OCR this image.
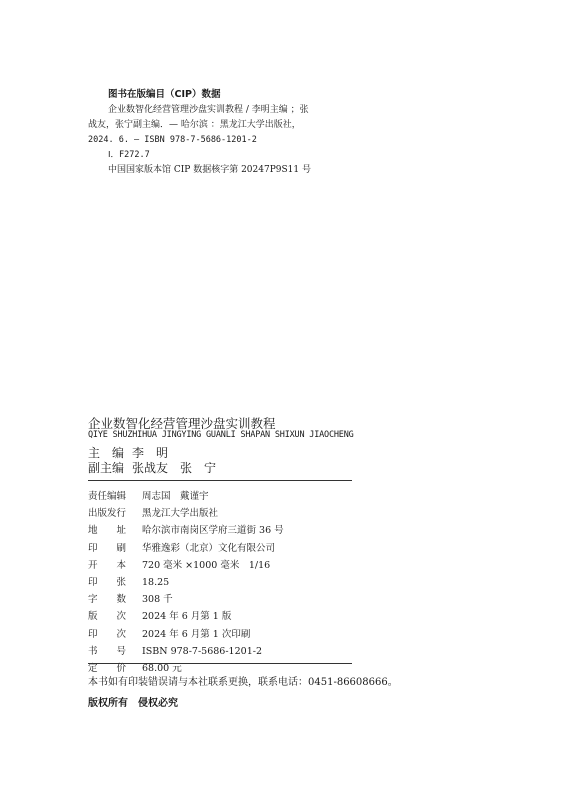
图书在版编目（CIP）数据
企业数智化经营管理沙盘实训教程 / 李明主编 ；张
战友，张宁副主编．— 哈尔滨 ：黑龙江大学出版社，
2024. 6. — ISBN 978-7-5686-1201-2
Ⅰ．F272.7
中国国家版本馆 CIP 数据核字第 20247P9S11 号
企业数智化经营管理沙盘实训教程
QIYE SHUZHIHUA JINGYING GUANLI SHAPAN SHIXUN JIAOCHENG
主　编 李　明
副主编 张战友　张　宁
责任编辑	周志国　戴谨宇
出版发行	黑龙江大学出版社
地　　址	哈尔滨市南岗区学府三道街 36 号
印　　刷	华雅逸彩（北京）文化有限公司
开　　本	720 毫米 ×1000 毫米　1/16
印　　张	18.25
字　　数	308 千
版　　次	2024 年 6 月第 1 版
印　　次	2024 年 6 月第 1 次印刷
书　　号	ISBN 978-7-5686-1201-2
定　　价	68.00 元
本书如有印装错误请与本社联系更换，联系电话：0451-86608666。
版权所有　侵权必究
